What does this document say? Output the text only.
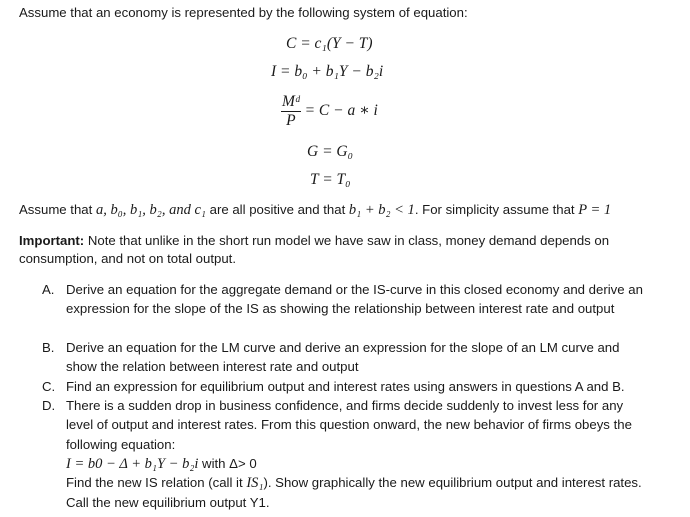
Assume that an economy is represented by the following system of equation:
C = c₁(Y − T)
I = b₀ + b₁Y − b₂i
$\frac{\text{Mᵈ}}{P} = C - a$ ∗ i
G = G₀
T = T₀
Assume that a, b₀, b₁, b₂, and c₁ are all positive and that b₁ + b₂ < 1. For simplicity assume that P = 1
Important: Note that unlike in the short run model we have saw in class, money demand depends on consumption, and not on total output.
A. Derive an equation for the aggregate demand or the IS-curve in this closed economy and derive an expression for the slope of the IS as showing the relationship between interest rate and output
B. Derive an equation for the LM curve and derive an expression for the slope of an LM curve and show the relation between interest rate and output
C. Find an expression for equilibrium output and interest rates using answers in questions A and B.
D. There is a sudden drop in business confidence, and firms decide suddenly to invest less for any level of output and interest rates. From this question onward, the new behavior of firms obeys the following equation:
I = b0 − Δ + b₁Y − b₂i with Δ> 0
Find the new IS relation (call it IS₁). Show graphically the new equilibrium output and interest rates. Call the new equilibrium output Y1.
